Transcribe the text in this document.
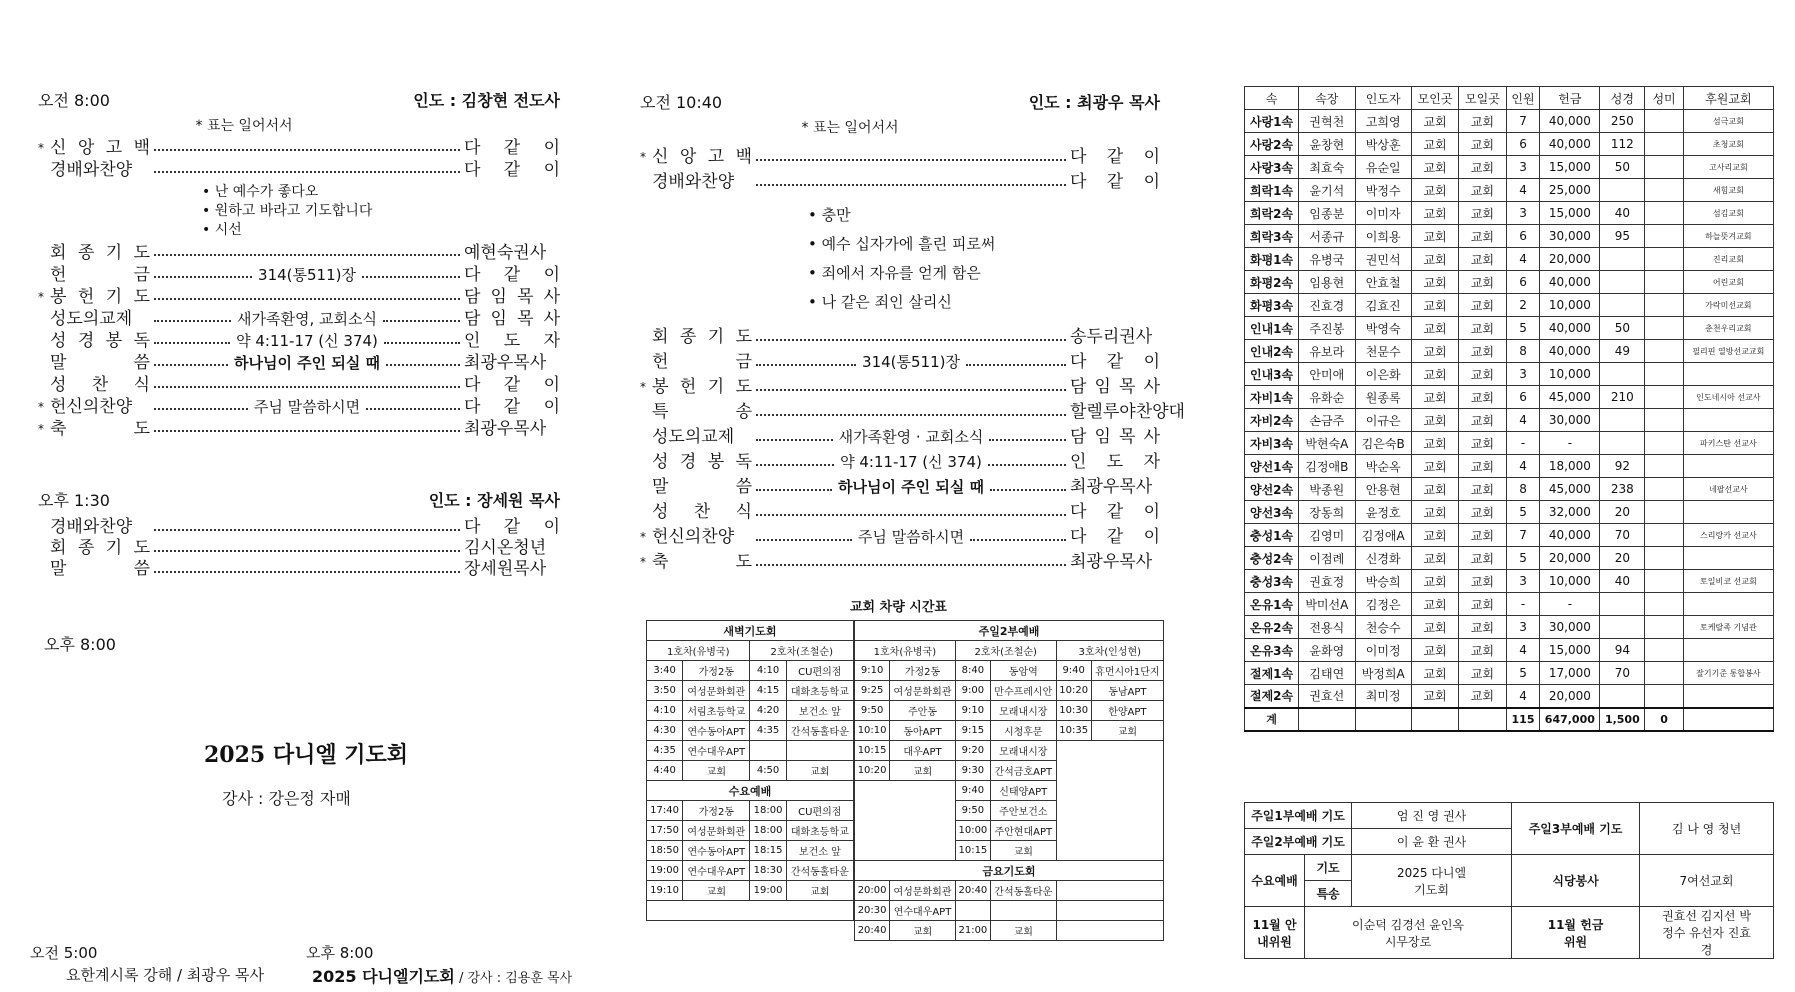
오전 8:00	인도 : 김창현 전도사
* 표는 일어서서
* 신 앙 고 백	다 같 이
경배와찬양	다 같 이
• 난 예수가 좋다오
• 원하고 바라고 기도합니다
• 시선
회 종 기 도	예현숙권사
헌 금	314(통511)장	다 같 이
* 봉 헌 기 도	담 임 목 사
성도의교제	새가족환영, 교회소식	담 임 목 사
성 경 봉 독	약 4:11-17 (신 374)	인 도 자
말 씀	하나님이 주인 되실 때	최광우목사
성 찬 식	다 같 이
* 헌신의찬양	주님 말씀하시면	다 같 이
* 축 도	최광우목사
오후 1:30	인도 : 장세원 목사
경배와찬양	다 같 이
회 종 기 도	김시온청년
말 씀	장세원목사
오후 8:00
2025 다니엘 기도회
강사 : 강은정 자매
오전 5:00
요한계시록 강해 / 최광우 목사
오후 8:00
2025 다니엘기도회 / 강사 : 김용훈 목사
오전 10:40	인도 : 최광우 목사
* 표는 일어서서
* 신 앙 고 백	다 같 이
경배와찬양	다 같 이
• 충만
• 예수 십자가에 흘린 피로써
• 죄에서 자유를 얻게 함은
• 나 같은 죄인 살리신
회 종 기 도	송두리권사
헌 금	314(통511)장	다 같 이
* 봉 헌 기 도	담 임 목 사
특 송	할렐루야찬양대
성도의교제	새가족환영 · 교회소식	담 임 목 사
성 경 봉 독	약 4:11-17 (신 374)	인 도 자
말 씀	하나님이 주인 되실 때	최광우목사
성 찬 식	다 같 이
* 헌신의찬양	주님 말씀하시면	다 같 이
* 축 도	최광우목사
교회 차량 시간표
새벽기도회			
1호차(유병국)		2호차(조철순)	
3:40	가정2동	4:10	CU편의점
3:50	여성문화회관	4:15	대화초등학교
4:10	서림초등학교	4:20	보건소 앞
4:30	연수동아APT	4:35	간석동홀타운
4:35	연수대우APT		
4:40	교회	4:50	교회
수요예배			
17:40	가정2동	18:00	CU편의점
17:50	여성문화회관	18:00	대화초등학교
18:50	연수동아APT	18:15	보건소 앞
19:00	연수대우APT	18:30	간석동홀타운
19:10	교회	19:00	교회

주일2부예배					
1호차(유병국)		2호차(조철순)		3호차(인성현)	
9:10	가정2동	8:40	동암역	9:40	휴먼시아1단지
9:25	여성문화회관	9:00	만수프레시안	10:20	동남APT
9:50	주안동	9:10	모래내시장	10:30	한양APT
10:10	동아APT	9:15	시청후문	10:35	교회
10:15	대우APT	9:20	모래내시장		
10:20	교회	9:30	간석금호APT		
		9:40	신태양APT		
		9:50	주안보건소		
		10:00	주안현대APT		
		10:15	교회		
금요기도회					
20:00	여성문화회관	20:40	간석동홀타운		
20:30	연수대우APT				
20:40	교회	21:00	교회		
속	속장	인도자	모인곳	모일곳	인원	헌금	성경	성미	후원교회
사랑1속	권혁천	고희영	교회	교회	7	40,000	250		섬극교회
사랑2속	윤창현	박상훈	교회	교회	6	40,000	112		초청교회
사랑3속	최효숙	유순일	교회	교회	3	15,000	50		고사리교회
희락1속	윤기석	박정수	교회	교회	4	25,000			새힘교회
희락2속	임종분	이미자	교회	교회	3	15,000	40		섬김교회
희락3속	서종규	이희용	교회	교회	6	30,000	95		하늘뜻겨교회
화평1속	유병국	권민석	교회	교회	4	20,000			진리교회
화평2속	임용현	안효철	교회	교회	6	40,000			어린교회
화평3속	진효경	김효진	교회	교회	2	10,000			가락미선교회
인내1속	주진봉	박영숙	교회	교회	5	40,000	50		춘천우리교회
인내2속	유보라	천문수	교회	교회	8	40,000	49		필리핀 열방선교교회
인내3속	안미애	이은화	교회	교회	3	10,000			
자비1속	유화순	원종록	교회	교회	6	45,000	210		인도네시아 선교사
자비2속	손금주	이규은	교회	교회	4	30,000			
자비3속	박현숙A	김은숙B	교회	교회	-	-			파키스탄 선교사
양선1속	김정애B	박순옥	교회	교회	4	18,000	92		
양선2속	박종원	안용현	교회	교회	8	45,000	238		네팔선교사
양선3속	장동희	윤정호	교회	교회	5	32,000	20		
충성1속	김영미	김정애A	교회	교회	7	40,000	70		스리랑카 선교사
충성2속	이점례	신경화	교회	교회	5	20,000	20		
충성3속	권효정	박승희	교회	교회	3	10,000	40		토일비코 선교회
온유1속	박미선A	김정은	교회	교회	-	-			
온유2속	전용식	천승수	교회	교회	3	30,000			토케랄족 기념관
온유3속	윤화영	이미정	교회	교회	4	15,000	94		
절제1속	김태연	박정희A	교회	교회	5	17,000	70		잘기기준 통합봉사
절제2속	권효선	최미정	교회	교회	4	20,000			
계					115	647,000	1,500	0	
주일1부예배 기도		엄 진 영 권사	주일3부예배 기도	김 나 영 청년
주일2부예배 기도		이 윤 환 권사		
수요예배	기도	2025 다니엘기도회	식당봉사	7여선교회
	특송			
11월 안내위원	이순덕 김경선 윤인옥 시무장로		11월 헌금위원	권효선 김지선 박정수 유선자 진효경
